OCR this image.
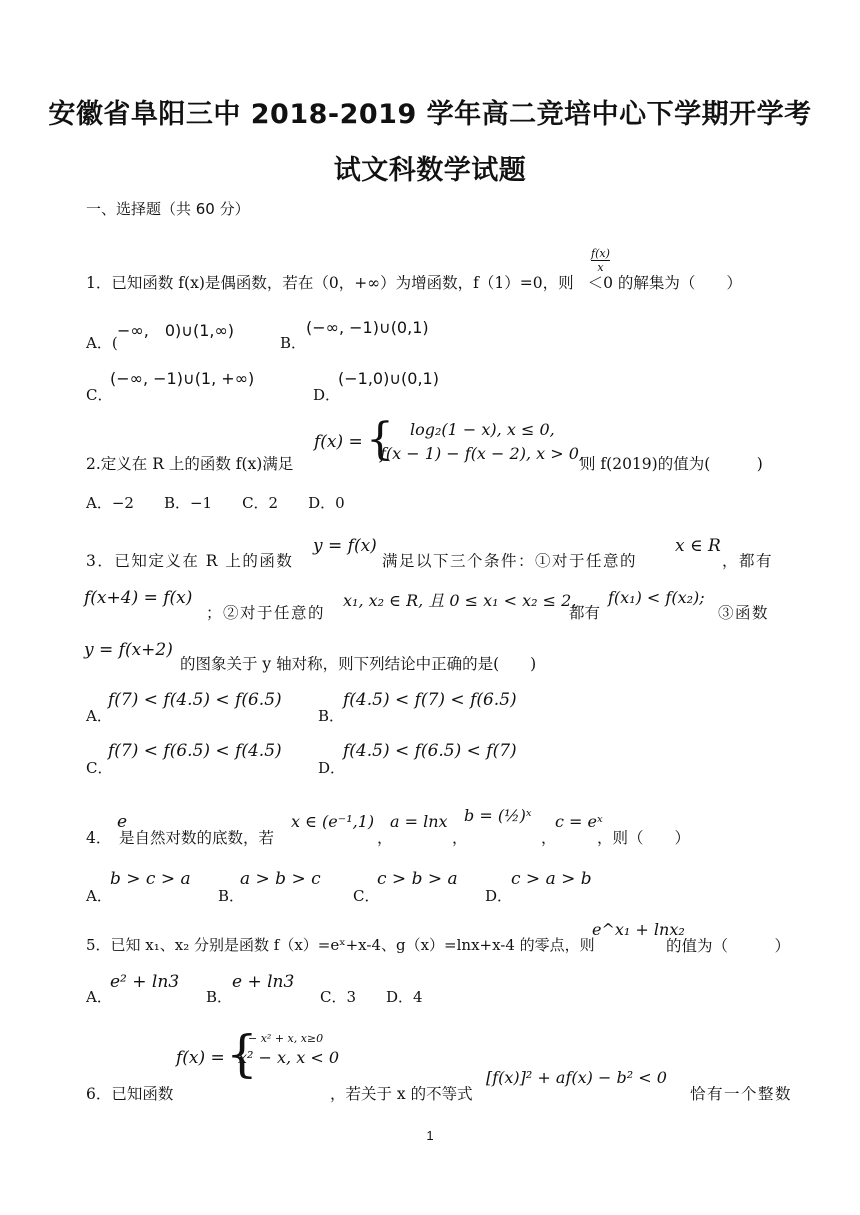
安徽省阜阳三中 2018-2019 学年高二竞培中心下学期开学考
试文科数学试题
一、选择题（共 60 分）
$\frac{f(x)}{x}$
1．已知函数 f(x)是偶函数，若在（0，+∞）为增函数，f（1）=0，则 ＜0 的解集为（　　）
A．(
−∞,　0)∪(1,∞)
B．
(−∞, −1)∪(0,1)
C．
(−∞, −1)∪(1, +∞)
D．
(−1,0)∪(0,1)
2.定义在 R 上的函数 f(x)满足
f(x) = { log₂(1 − x), x ≤ 0,
f(x − 1) − f(x − 2), x > 0,
则 f(2019)的值为(　　　)
A．−2　　B．−1　　C．2　　D．0
3．已知定义在 R 上的函数
y = f(x)
满足以下三个条件：①对于任意的
x ∈ R
，都有
f(x+4) = f(x)
；②对于任意的
x₁, x₂ ∈ R, 且 0 ≤ x₁ < x₂ ≤ 2,
都有
f(x₁) < f(x₂);
③函数
y = f(x+2)
的图象关于 y 轴对称，则下列结论中正确的是(　　)
A．
f(7) < f(4.5) < f(6.5)
B．
f(4.5) < f(7) < f(6.5)
C．
f(7) < f(6.5) < f(4.5)
D．
f(4.5) < f(6.5) < f(7)
4．
e
是自然对数的底数，若
x ∈ (e⁻¹,1)
，
a = lnx
，
b = (½)ˣ
，
c = eˣ
，则（　　）
A．
b > c > a
B．
a > b > c
C．
c > b > a
D．
c > a > b
5．已知 x₁、x₂ 分别是函数 f（x）=eˣ+x-4、g（x）=lnx+x-4 的零点，则
e^x₁ + lnx₂
的值为（　　　）
A．
e² + ln3
B．
e + ln3
C．3　　D．4
f(x) = {
− x² + x, x≥0
x² − x, x < 0
6．已知函数	，若关于 x 的不等式
[f(x)]² + af(x) − b² < 0
恰有一个整数
1
